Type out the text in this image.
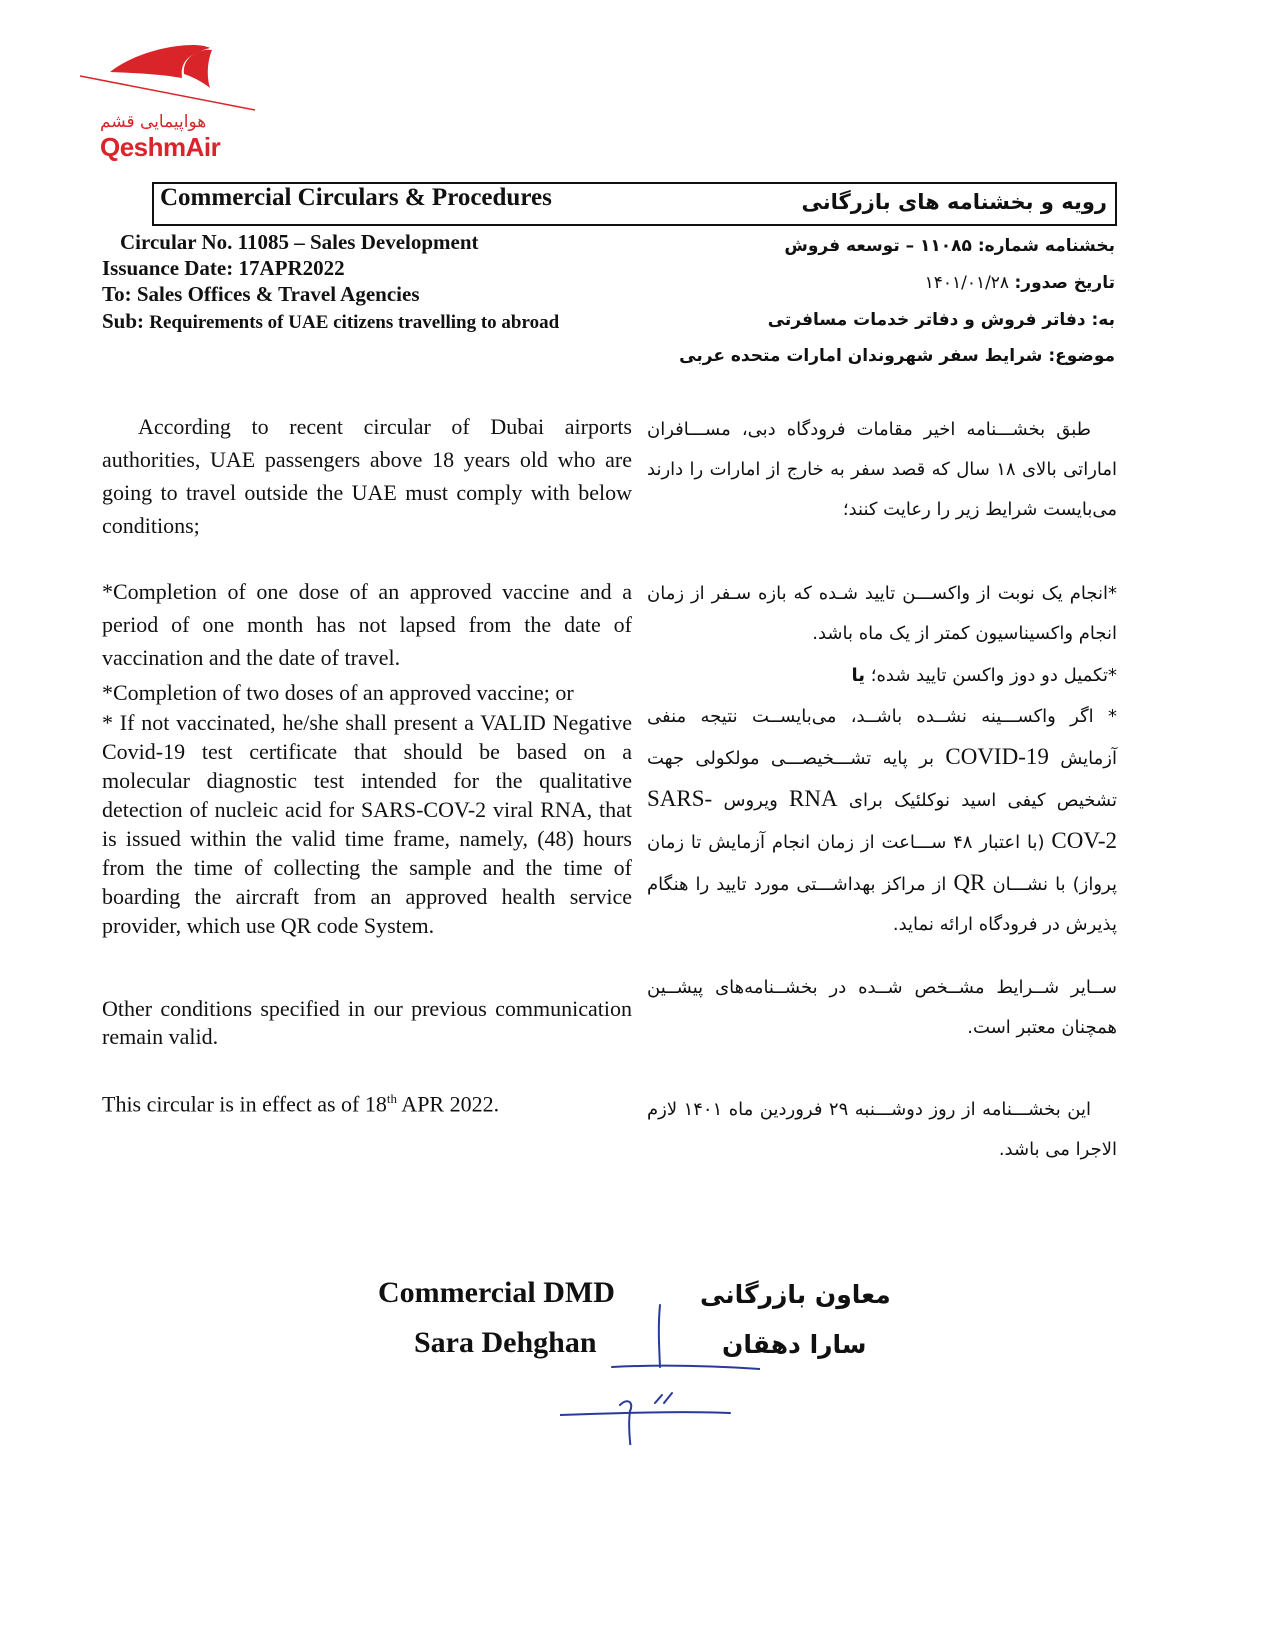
هواپیمایی قشم
QeshmAir
Commercial Circulars & Procedures	رویه و بخشنامه های بازرگانی
Circular No. 11085 – Sales Development
Issuance Date: 17APR2022
To: Sales Offices & Travel Agencies
Sub: Requirements of UAE citizens travelling to abroad
بخشنامه شماره: ۱۱۰۸۵ – توسعه فروش
تاریخ صدور: ۱۴۰۱/۰۱/۲۸
به: دفاتر فروش و دفاتر خدمات مسافرتی
موضوع: شرایط سفر شهروندان امارات متحده عربی
According to recent circular of Dubai airports authorities, UAE passengers above 18 years old who are going to travel outside the UAE must comply with below conditions;
*Completion of one dose of an approved vaccine and a period of one month has not lapsed from the date of vaccination and the date of travel.
*Completion of two doses of an approved vaccine; or
* If not vaccinated, he/she shall present a VALID Negative Covid-19 test certificate that should be based on a molecular diagnostic test intended for the qualitative detection of nucleic acid for SARS-COV-2 viral RNA, that is issued within the valid time frame, namely, (48) hours from the time of collecting the sample and the time of boarding the aircraft from an approved health service provider, which use QR code System.
Other conditions specified in our previous communication remain valid.
This circular is in effect as of 18th APR 2022.
طبق بخشـــنامه اخیر مقامات فرودگاه دبی، مســـافران اماراتی بالای ۱۸ سال که قصد سفر به خارج از امارات را دارند می‌بایست شرایط زیر را رعایت کنند؛
*انجام یک نوبت از واکســـن تایید شـده که بازه سـفر از زمان انجام واکسیناسیون کمتر از یک ماه باشد.
*تکمیل دو دوز واکسن تایید شده؛ یا
* اگر واکســـینه نشــده باشــد، می‌بایســت نتیجه منفی آزمایش COVID-19 بر پایه تشـــخیصـــی مولکولی جهت تشخیص کیفی اسید نوکلئیک برای RNA ویروس SARS-COV-2 (با اعتبار ۴۸ ســـاعت از زمان انجام آزمایش تا زمان پرواز) با نشـــان QR از مراکز بهداشـــتی مورد تایید را هنگام پذیرش در فرودگاه ارائه نماید.
ســایر شــرایط مشــخص شــده در بخشــنامه‌های پیشــین همچنان معتبر است.
این بخشـــنامه از روز دوشـــنبه ۲۹ فروردین ماه ۱۴۰۱ لازم الاجرا می باشد.
Commercial DMD
Sara Dehghan
معاون بازرگانی
سارا دهقان
